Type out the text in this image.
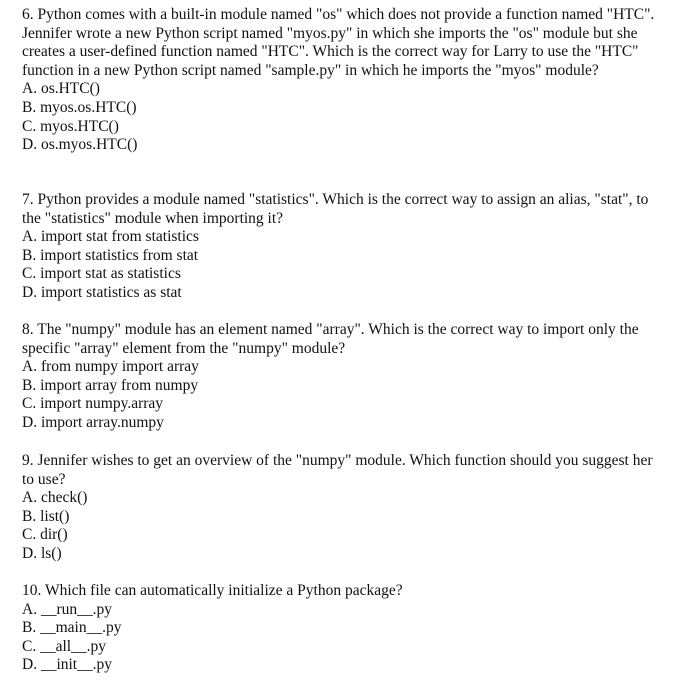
6. Python comes with a built-in module named "os" which does not provide a function named "HTC". Jennifer wrote a new Python script named "myos.py" in which she imports the "os" module but she creates a user-defined function named "HTC". Which is the correct way for Larry to use the "HTC" function in a new Python script named "sample.py" in which he imports the "myos" module?

A. os.HTC()
B. myos.os.HTC()
C. myos.HTC()
D. os.myos.HTC()

7. Python provides a module named "statistics". Which is the correct way to assign an alias, "stat", to the "statistics" module when importing it?

A. import stat from statistics
B. import statistics from stat
C. import stat as statistics
D. import statistics as stat

8. The "numpy" module has an element named "array". Which is the correct way to import only the specific "array" element from the "numpy" module?

A. from numpy import array
B. import array from numpy
C. import numpy.array
D. import array.numpy

9. Jennifer wishes to get an overview of the "numpy" module. Which function should you suggest her to use?

A. check()
B. list()
C. dir()
D. ls()

10. Which file can automatically initialize a Python package?

A. __run__.py
B. __main__.py
C. __all__.py
D. __init__.py
